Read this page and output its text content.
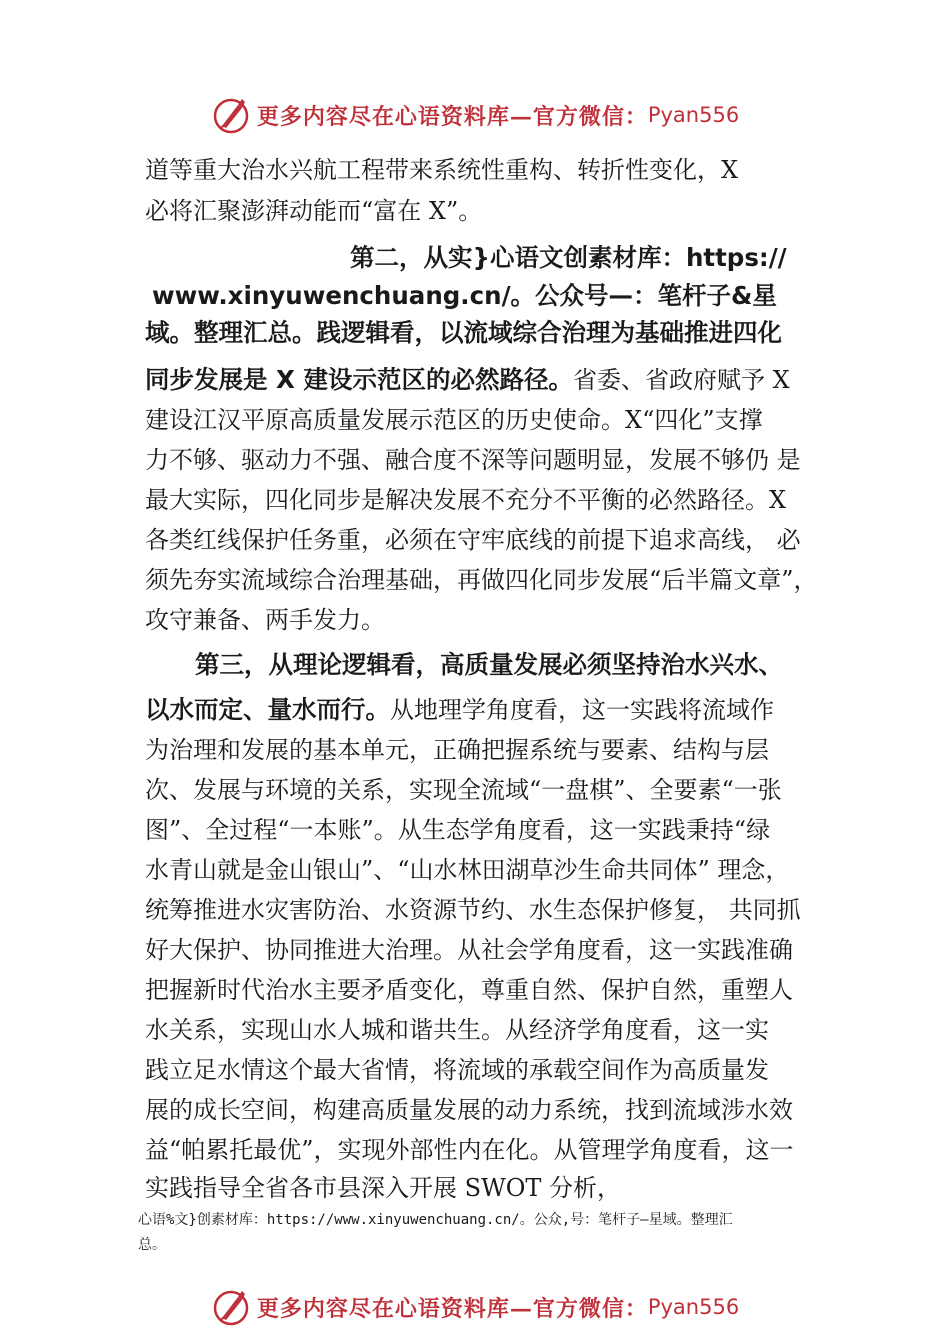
更多内容尽在心语资料库—官方微信： Pyan556
道等重大治水兴航工程带来系统性重构、转折性变化，X
必将汇聚澎湃动能而“富在 X”。
第二，从实}心语文创素材库：https://
www.xinyuwenchuang.cn/。公众号—：笔杆子&星
域。整理汇总。践逻辑看，以流域综合治理为基础推进四化
同步发展是 X 建设示范区的必然路径。省委、省政府赋予 X
建设江汉平原高质量发展示范区的历史使命。X“四化”支撑
力不够、驱动力不强、融合度不深等问题明显，发展不够仍 是
最大实际，四化同步是解决发展不充分不平衡的必然路径。X
各类红线保护任务重，必须在守牢底线的前提下追求高线， 必
须先夯实流域综合治理基础，再做四化同步发展“后半篇文章”，
攻守兼备、两手发力。
第三，从理论逻辑看，高质量发展必须坚持治水兴水、
以水而定、量水而行。从地理学角度看，这一实践将流域作
为治理和发展的基本单元，正确把握系统与要素、结构与层
次、发展与环境的关系，实现全流域“一盘棋”、全要素“一张
图”、全过程“一本账”。从生态学角度看，这一实践秉持“绿
水青山就是金山银山”、“山水林田湖草沙生命共同体” 理念，
统筹推进水灾害防治、水资源节约、水生态保护修复， 共同抓
好大保护、协同推进大治理。从社会学角度看，这一实践准确
把握新时代治水主要矛盾变化，尊重自然、保护自然，重塑人
水关系，实现山水人城和谐共生。从经济学角度看，这一实
践立足水情这个最大省情，将流域的承载空间作为高质量发
展的成长空间，构建高质量发展的动力系统，找到流域涉水效
益“帕累托最优”，实现外部性内在化。从管理学角度看，这一
实践指导全省各市县深入开展 SWOT 分析，
心语%文}创素材库：https://www.xinyuwenchuang.cn/。公众,号：笔杆子—星域。整理汇
总。
更多内容尽在心语资料库—官方微信： Pyan556
